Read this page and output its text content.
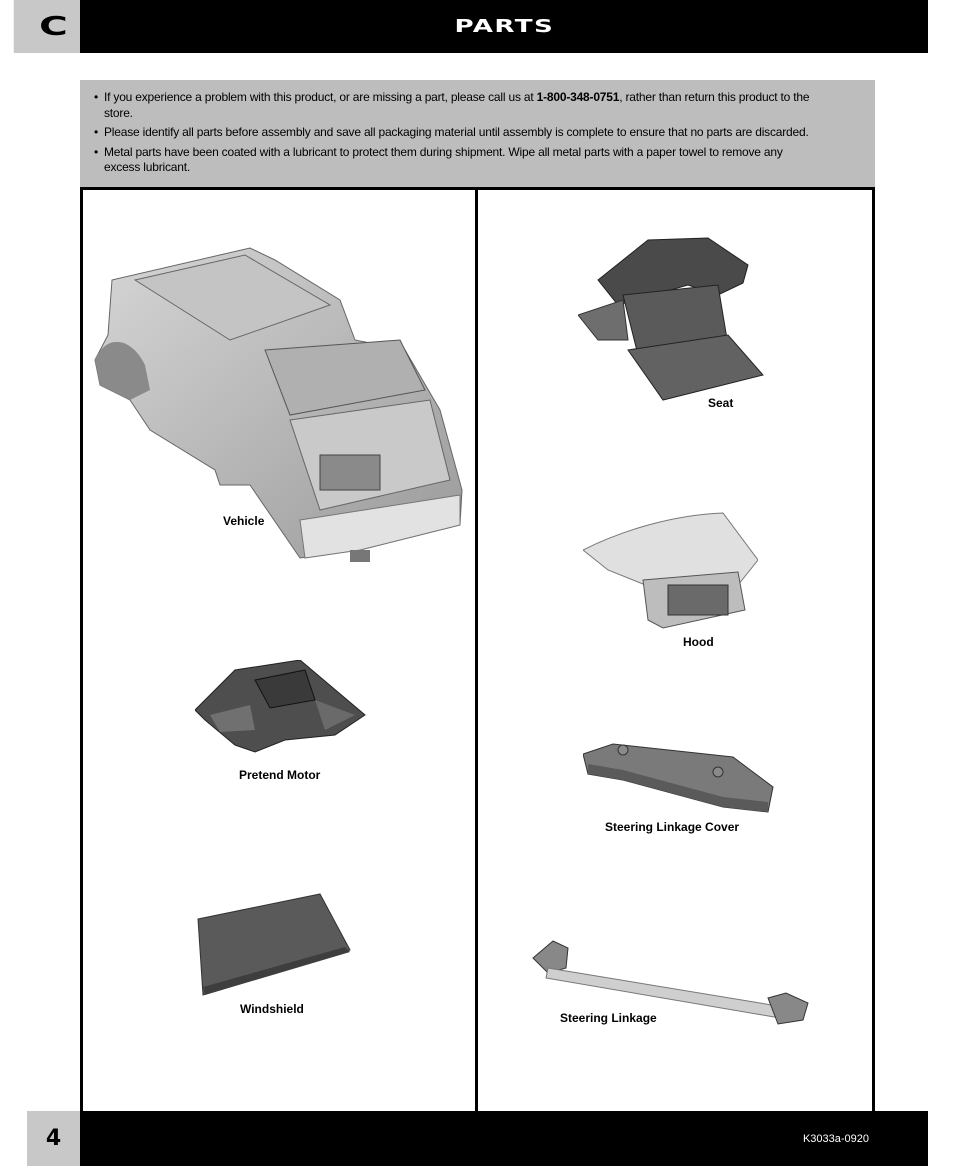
C	PARTS
• If you experience a problem with this product, or are missing a part, please call us at 1-800-348-0751, rather than return this product to the store.
• Please identify all parts before assembly and save all packaging material until assembly is complete to ensure that no parts are discarded.
• Metal parts have been coated with a lubricant to protect them during shipment. Wipe all metal parts with a paper towel to remove any excess lubricant.
Vehicle
Pretend Motor
Windshield
Seat
Hood
Steering Linkage Cover
Steering Linkage
4	K3033a-0920
